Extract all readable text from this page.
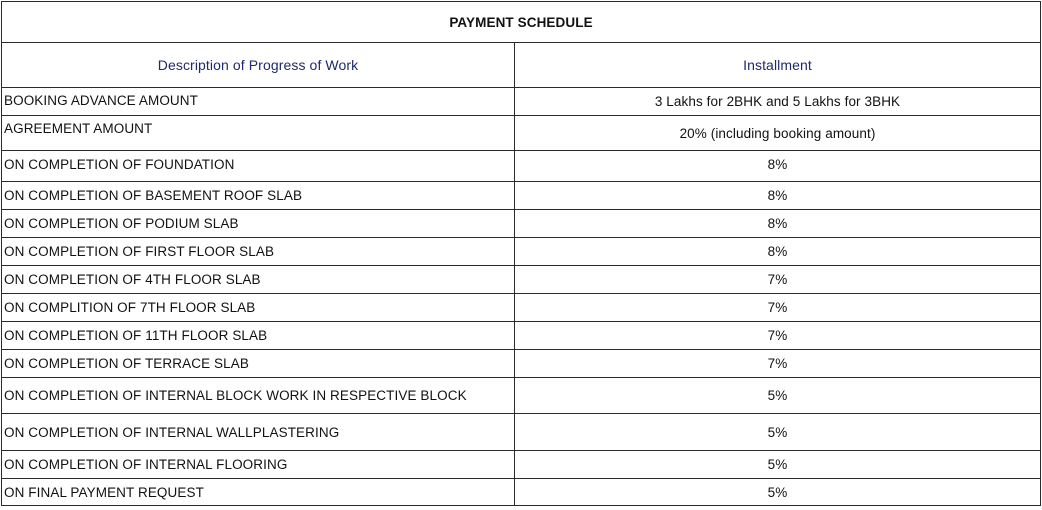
PAYMENT SCHEDULE	
Description of Progress of Work	Installment
BOOKING ADVANCE AMOUNT	3 Lakhs for 2BHK and 5 Lakhs for 3BHK
AGREEMENT AMOUNT	20% (including booking amount)
ON COMPLETION OF FOUNDATION	8%
ON COMPLETION OF BASEMENT ROOF SLAB	8%
ON COMPLETION OF PODIUM SLAB	8%
ON COMPLETION OF FIRST FLOOR SLAB	8%
ON COMPLETION OF 4TH FLOOR SLAB	7%
ON COMPLITION OF 7TH FLOOR SLAB	7%
ON COMPLETION OF 11TH FLOOR SLAB	7%
ON COMPLETION OF TERRACE SLAB	7%
ON COMPLETION OF INTERNAL BLOCK WORK IN RESPECTIVE BLOCK	5%
ON COMPLETION OF INTERNAL WALLPLASTERING	5%
ON COMPLETION OF INTERNAL FLOORING	5%
ON FINAL PAYMENT REQUEST	5%
